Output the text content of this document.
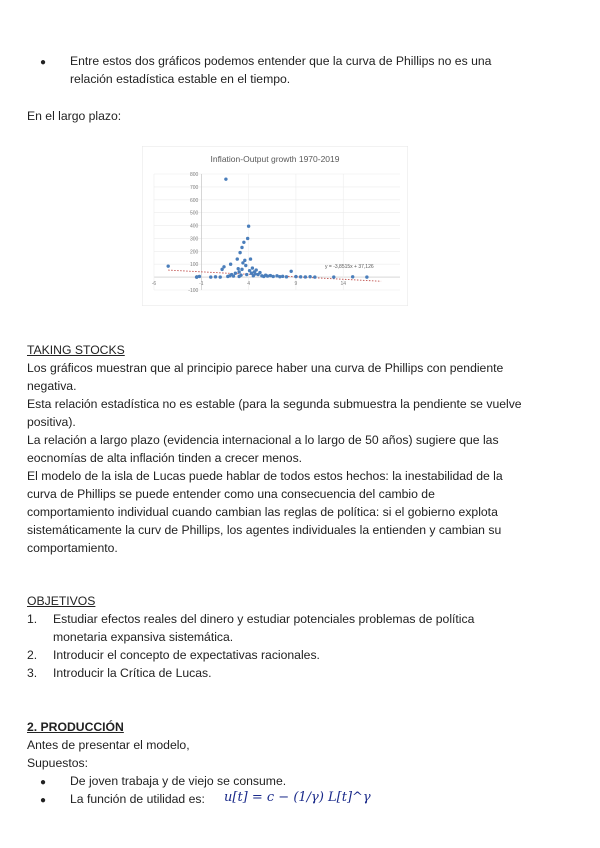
● Entre estos dos gráficos podemos entender que la curva de Phillips no es una
relación estadística estable en el tiempo.
En el largo plazo:
Inflation-Output growth 1970-2019
-100
100
200
300
400
500
600
700
800
-6	-1	4	9	14
y = -3,8515x + 37,126
TAKING STOCKS
Los gráficos muestran que al principio parece haber una curva de Phillips con pendiente
negativa.
Esta relación estadística no es estable (para la segunda submuestra la pendiente se vuelve
positiva).
La relación a largo plazo (evidencia internacional a lo largo de 50 años) sugiere que las
eocnomías de alta inflación tinden a crecer menos.
El modelo de la isla de Lucas puede hablar de todos estos hechos: la inestabilidad de la
curva de Phillips se puede entender como una consecuencia del cambio de
comportamiento individual cuando cambian las reglas de política: si el gobierno explota
sistemáticamente la curv de Phillips, los agentes individuales la entienden y cambian su
comportamiento.
OBJETIVOS
1. Estudiar efectos reales del dinero y estudiar potenciales problemas de política
monetaria expansiva sistemática.
2. Introducir el concepto de expectativas racionales.
3. Introducir la Crítica de Lucas.
2. PRODUCCIÓN
Antes de presentar el modelo,
Supuestos:
● De joven trabaja y de viejo se consume.
● La función de utilidad es: u[t] = c − (1/γ) L[t]^γ
